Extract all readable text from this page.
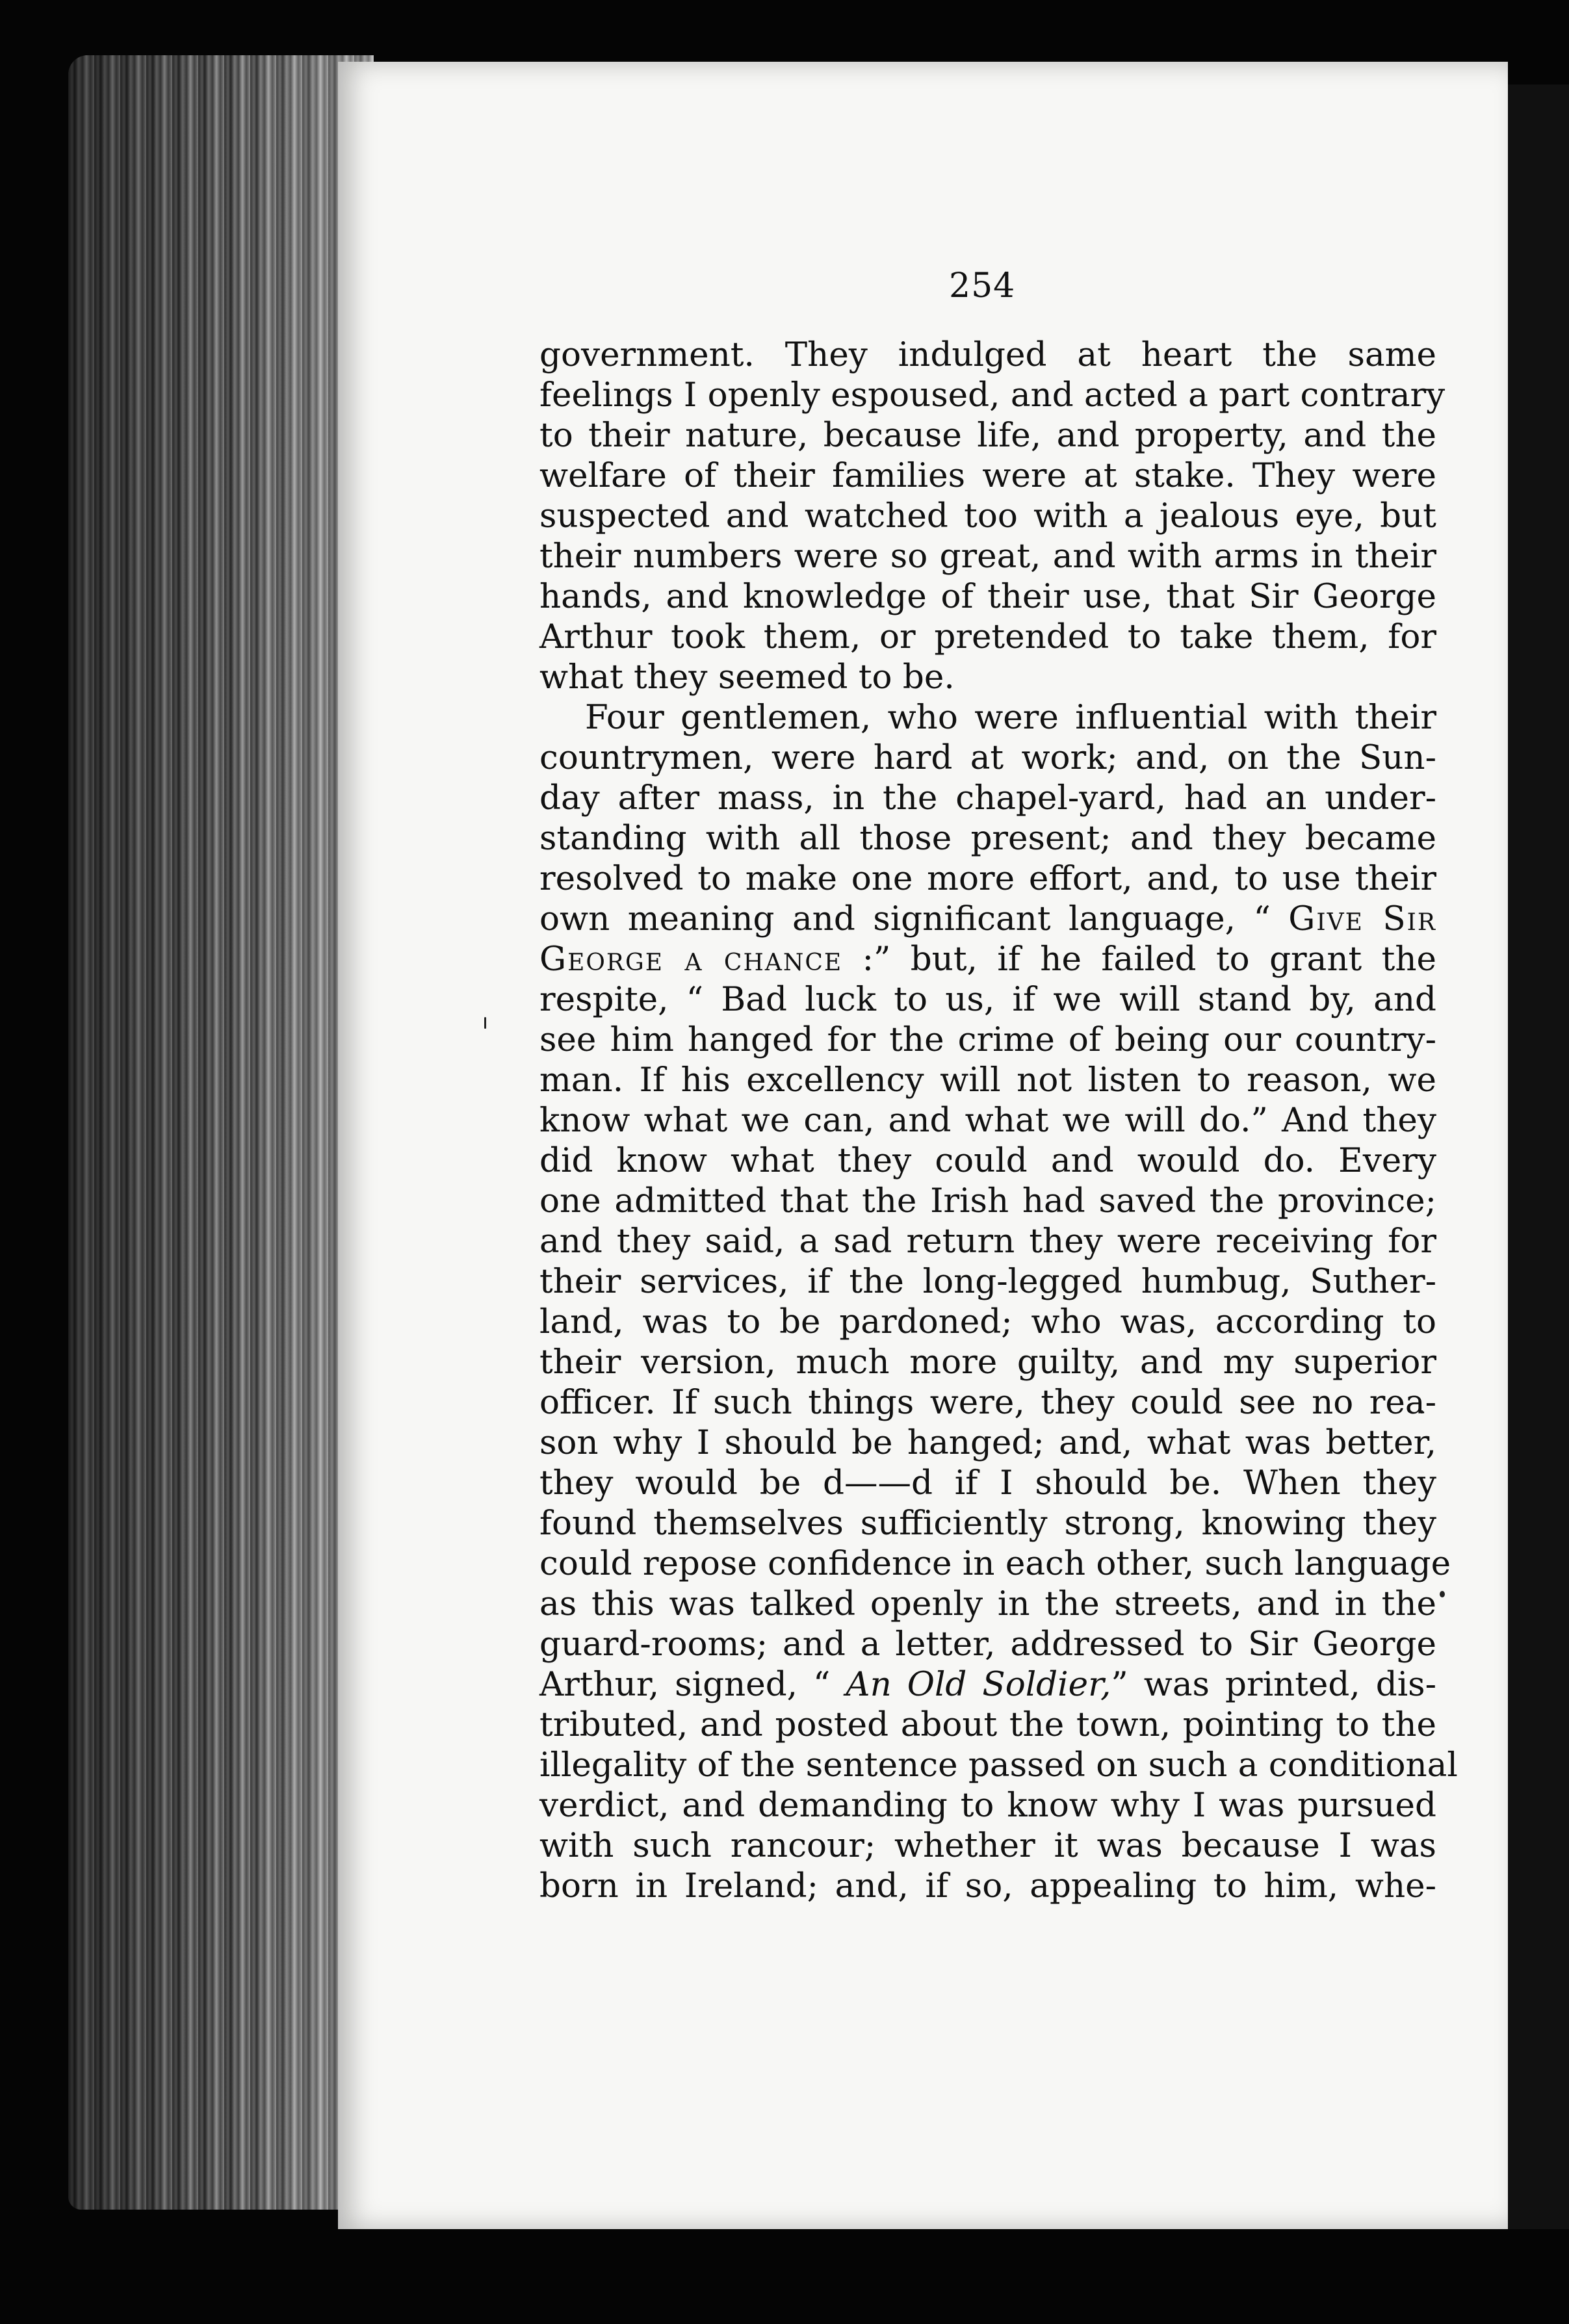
254
government. They indulged at heart the same
feelings I openly espoused, and acted a part contrary
to their nature, because life, and property, and the
welfare of their families were at stake. They were
suspected and watched too with a jealous eye, but
their numbers were so great, and with arms in their
hands, and knowledge of their use, that Sir George
Arthur took them, or pretended to take them, for
what they seemed to be.
Four gentlemen, who were influential with their
countrymen, were hard at work; and, on the Sun-
day after mass, in the chapel-yard, had an under-
standing with all those present; and they became
resolved to make one more effort, and, to use their
own meaning and significant language, “ Give Sir
George a chance :” but, if he failed to grant the
respite, “ Bad luck to us, if we will stand by, and
see him hanged for the crime of being our country-
man. If his excellency will not listen to reason, we
know what we can, and what we will do.” And they
did know what they could and would do. Every
one admitted that the Irish had saved the province;
and they said, a sad return they were receiving for
their services, if the long-legged humbug, Suther-
land, was to be pardoned; who was, according to
their version, much more guilty, and my superior
officer. If such things were, they could see no rea-
son why I should be hanged; and, what was better,
they would be d——d if I should be. When they
found themselves sufficiently strong, knowing they
could repose confidence in each other, such language
as this was talked openly in the streets, and in the
guard-rooms; and a letter, addressed to Sir George
Arthur, signed, “ An Old Soldier,” was printed, dis-
tributed, and posted about the town, pointing to the
illegality of the sentence passed on such a conditional
verdict, and demanding to know why I was pursued
with such rancour; whether it was because I was
born in Ireland; and, if so, appealing to him, whe-
